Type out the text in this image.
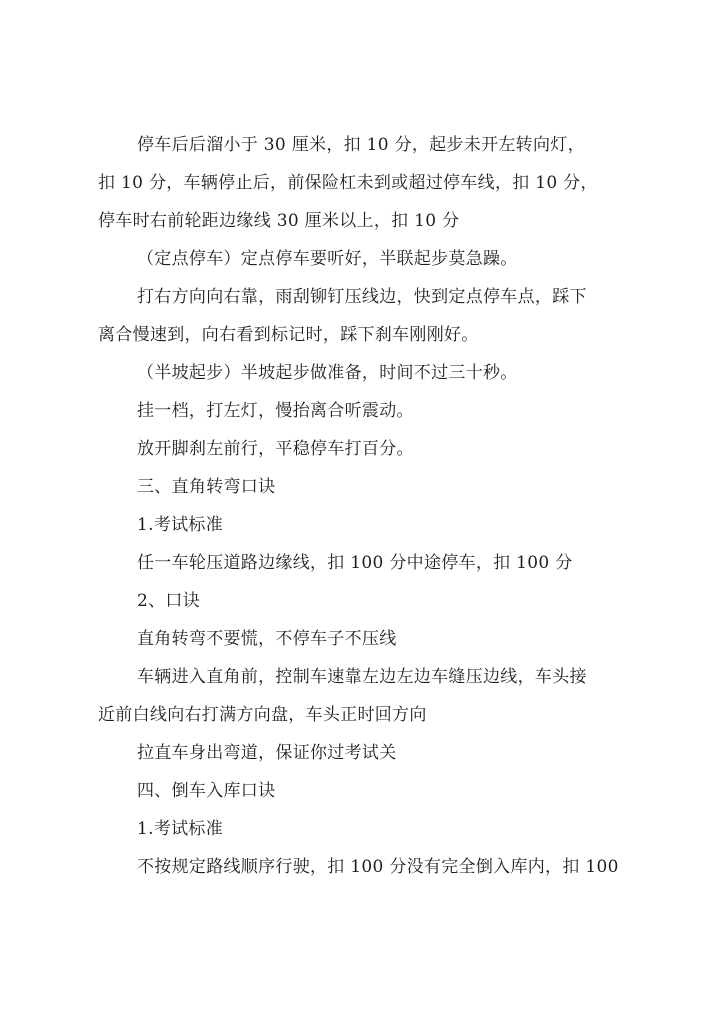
停车后后溜小于 30 厘米，扣 10 分，起步未开左转向灯，
扣 10 分，车辆停止后，前保险杠未到或超过停车线，扣 10 分，
停车时右前轮距边缘线 30 厘米以上，扣 10 分
（定点停车）定点停车要听好，半联起步莫急躁。
打右方向向右靠，雨刮铆钉压线边，快到定点停车点，踩下
离合慢速到，向右看到标记时，踩下刹车刚刚好。
（半坡起步）半坡起步做准备，时间不过三十秒。
挂一档，打左灯，慢抬离合听震动。
放开脚刹左前行，平稳停车打百分。
三、直角转弯口诀
1.考试标准
任一车轮压道路边缘线，扣 100 分中途停车，扣 100 分
2、口诀
直角转弯不要慌，不停车子不压线
车辆进入直角前，控制车速靠左边左边车缝压边线，车头接
近前白线向右打满方向盘，车头正时回方向
拉直车身出弯道，保证你过考试关
四、倒车入库口诀
1.考试标准
不按规定路线顺序行驶，扣 100 分没有完全倒入库内，扣 100
